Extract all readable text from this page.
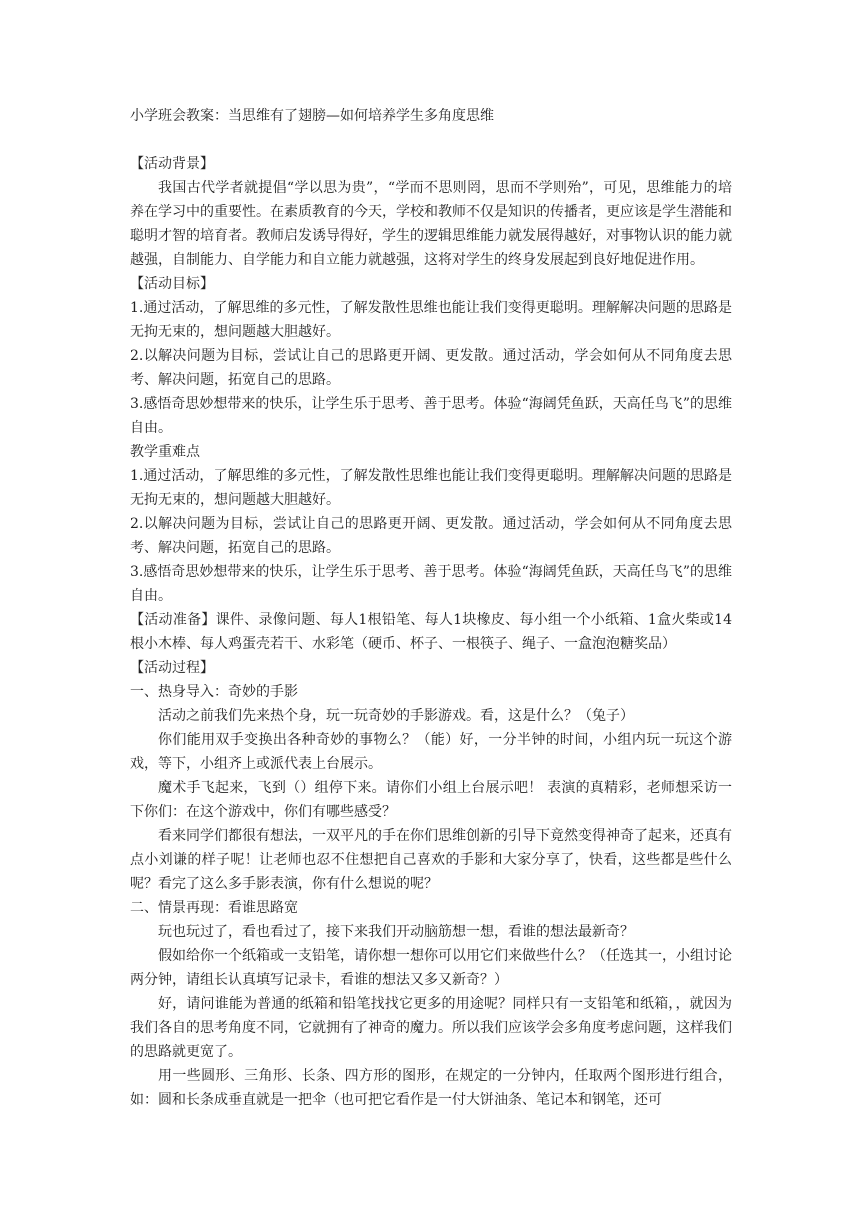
小学班会教案：当思维有了翅膀—如何培养学生多角度思维

【活动背景】

我国古代学者就提倡“学以思为贵”，“学而不思则罔，思而不学则殆”，可见，思维能力的培养在学习中的重要性。在素质教育的今天，学校和教师不仅是知识的传播者，更应该是学生潜能和聪明才智的培育者。教师启发诱导得好，学生的逻辑思维能力就发展得越好，对事物认识的能力就越强，自制能力、自学能力和自立能力就越强，这将对学生的终身发展起到良好地促进作用。

【活动目标】

1.通过活动，了解思维的多元性，了解发散性思维也能让我们变得更聪明。理解解决问题的思路是无拘无束的，想问题越大胆越好。

2.以解决问题为目标，尝试让自己的思路更开阔、更发散。通过活动，学会如何从不同角度去思考、解决问题，拓宽自己的思路。

3.感悟奇思妙想带来的快乐，让学生乐于思考、善于思考。体验“海阔凭鱼跃，天高任鸟飞”的思维自由。

教学重难点

1.通过活动，了解思维的多元性，了解发散性思维也能让我们变得更聪明。理解解决问题的思路是无拘无束的，想问题越大胆越好。

2.以解决问题为目标，尝试让自己的思路更开阔、更发散。通过活动，学会如何从不同角度去思考、解决问题，拓宽自己的思路。

3.感悟奇思妙想带来的快乐，让学生乐于思考、善于思考。体验“海阔凭鱼跃，天高任鸟飞”的思维自由。

【活动准备】课件、录像问题、每人1根铅笔、每人1块橡皮、每小组一个小纸箱、1盒火柴或14根小木棒、每人鸡蛋壳若干、水彩笔（硬币、杯子、一根筷子、绳子、一盒泡泡糖奖品）

【活动过程】

一、热身导入：奇妙的手影

活动之前我们先来热个身，玩一玩奇妙的手影游戏。看，这是什么？（兔子）

你们能用双手变换出各种奇妙的事物么？（能）好，一分半钟的时间，小组内玩一玩这个游戏，等下，小组齐上或派代表上台展示。

魔术手飞起来，飞到（）组停下来。请你们小组上台展示吧！ 表演的真精彩，老师想采访一下你们：在这个游戏中，你们有哪些感受？

看来同学们都很有想法，一双平凡的手在你们思维创新的引导下竟然变得神奇了起来，还真有点小刘谦的样子呢！让老师也忍不住想把自己喜欢的手影和大家分享了，快看，这些都是些什么呢？看完了这么多手影表演，你有什么想说的呢？

二、情景再现：看谁思路宽

玩也玩过了，看也看过了，接下来我们开动脑筋想一想，看谁的想法最新奇？

假如给你一个纸箱或一支铅笔，请你想一想你可以用它们来做些什么？（任选其一，小组讨论两分钟，请组长认真填写记录卡，看谁的想法又多又新奇？）

好，请问谁能为普通的纸箱和铅笔找找它更多的用途呢？同样只有一支铅笔和纸箱，，就因为我们各自的思考角度不同，它就拥有了神奇的魔力。所以我们应该学会多角度考虑问题，这样我们的思路就更宽了。

用一些圆形、三角形、长条、四方形的图形，在规定的一分钟内，任取两个图形进行组合，如：圆和长条成垂直就是一把伞（也可把它看作是一付大饼油条、笔记本和钢笔，还可
